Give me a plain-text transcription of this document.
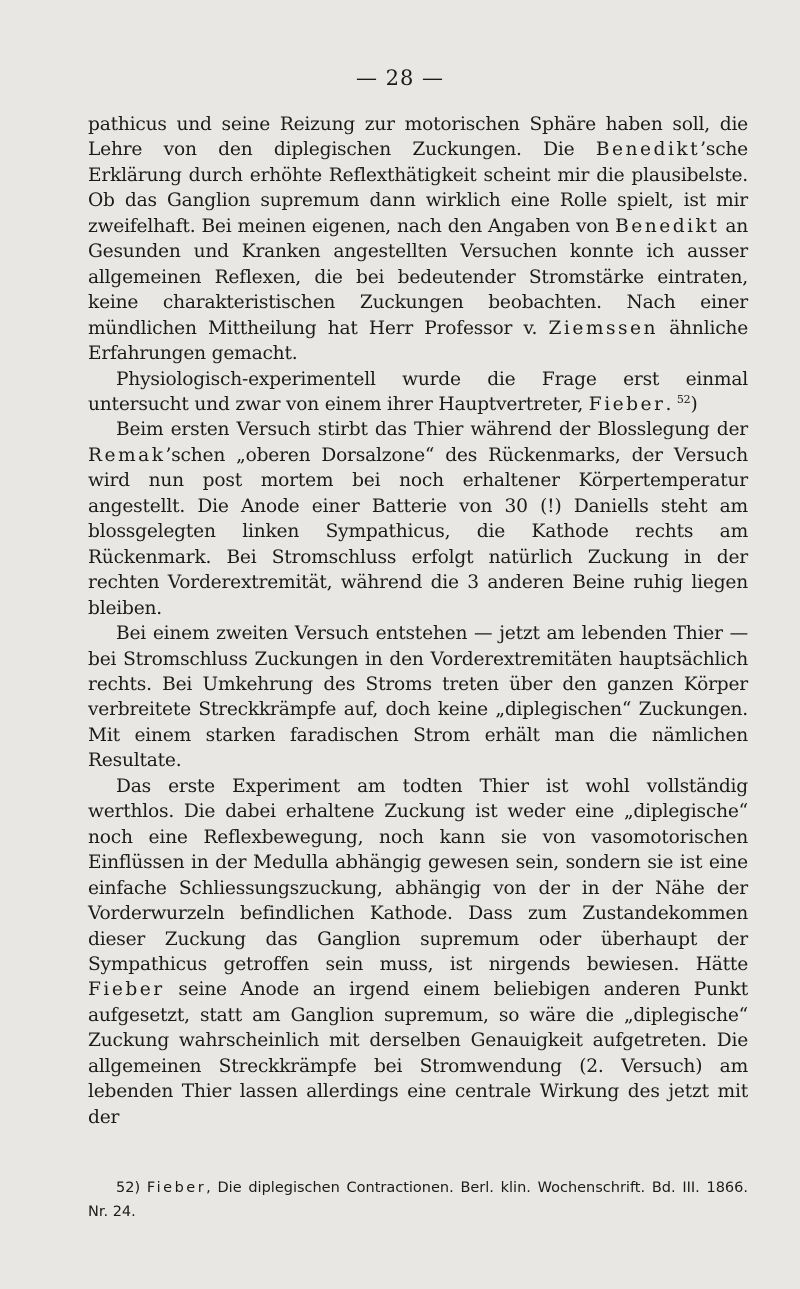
— 28 —

pathicus und seine Reizung zur motorischen Sphäre haben soll, die Lehre von den diplegischen Zuckungen. Die Benedikt’sche Erklärung durch erhöhte Reflexthätigkeit scheint mir die plausibelste. Ob das Ganglion supremum dann wirklich eine Rolle spielt, ist mir zweifelhaft. Bei meinen eigenen, nach den Angaben von Benedikt an Gesunden und Kranken angestellten Versuchen konnte ich ausser allgemeinen Reflexen, die bei bedeutender Stromstärke eintraten, keine charakteristischen Zuckungen beobachten. Nach einer mündlichen Mittheilung hat Herr Professor v. Ziemssen ähnliche Erfahrungen gemacht.

Physiologisch-experimentell wurde die Frage erst einmal untersucht und zwar von einem ihrer Hauptvertreter, Fieber. $^{52}$)

Beim ersten Versuch stirbt das Thier während der Blosslegung der Remak’schen „oberen Dorsalzone“ des Rückenmarks, der Versuch wird nun post mortem bei noch erhaltener Körpertemperatur angestellt. Die Anode einer Batterie von 30 (!) Daniells steht am blossgelegten linken Sympathicus, die Kathode rechts am Rückenmark. Bei Stromschluss erfolgt natürlich Zuckung in der rechten Vorderextremität, während die 3 anderen Beine ruhig liegen bleiben.

Bei einem zweiten Versuch entstehen — jetzt am lebenden Thier — bei Stromschluss Zuckungen in den Vorderextremitäten hauptsächlich rechts. Bei Umkehrung des Stroms treten über den ganzen Körper verbreitete Streckkrämpfe auf, doch keine „diplegischen“ Zuckungen. Mit einem starken faradischen Strom erhält man die nämlichen Resultate.

Das erste Experiment am todten Thier ist wohl vollständig werthlos. Die dabei erhaltene Zuckung ist weder eine „diplegische“ noch eine Reflexbewegung, noch kann sie von vasomotorischen Einflüssen in der Medulla abhängig gewesen sein, sondern sie ist eine einfache Schliessungszuckung, abhängig von der in der Nähe der Vorderwurzeln befindlichen Kathode. Dass zum Zustandekommen dieser Zuckung das Ganglion supremum oder überhaupt der Sympathicus getroffen sein muss, ist nirgends bewiesen. Hätte Fieber seine Anode an irgend einem beliebigen anderen Punkt aufgesetzt, statt am Ganglion supremum, so wäre die „diplegische“ Zuckung wahrscheinlich mit derselben Genauigkeit aufgetreten. Die allgemeinen Streckkrämpfe bei Stromwendung (2. Versuch) am lebenden Thier lassen allerdings eine centrale Wirkung des jetzt mit der

52) Fieber, Die diplegischen Contractionen. Berl. klin. Wochenschrift. Bd. III. 1866. Nr. 24.
